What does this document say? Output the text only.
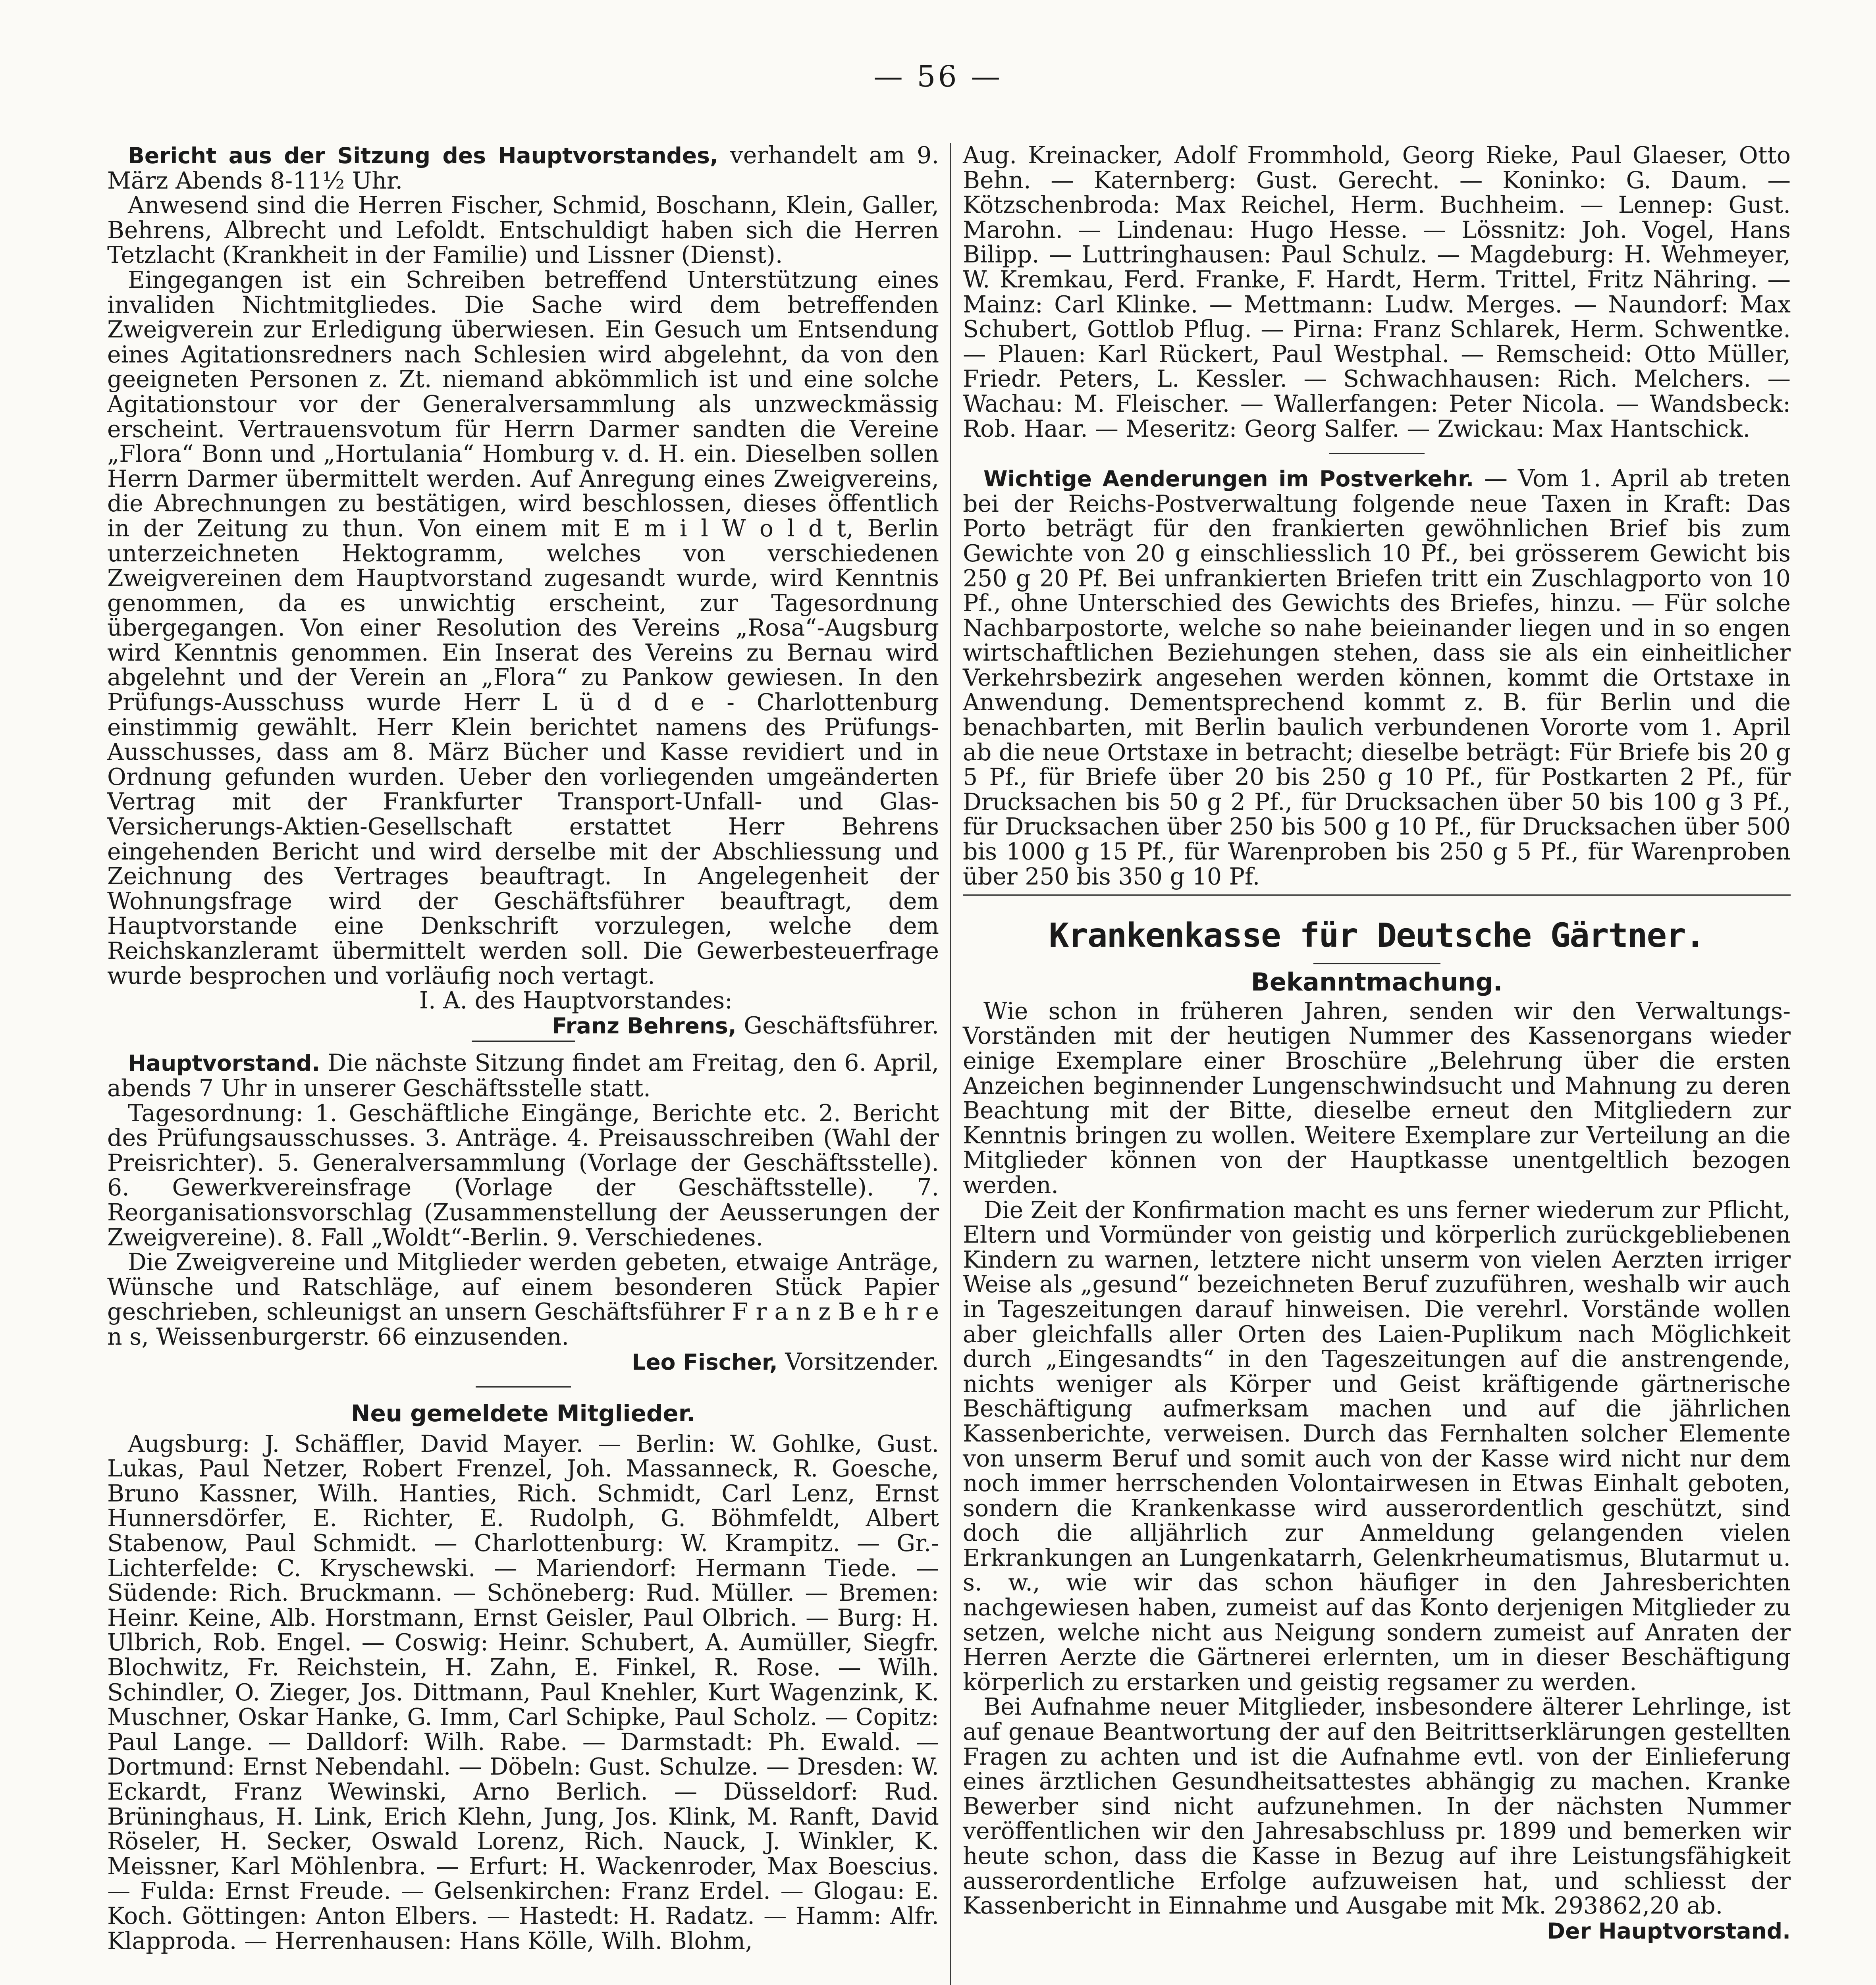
— 56 —

Bericht aus der Sitzung des Hauptvorstandes, verhandelt am 9. März Abends 8-11½ Uhr.

Anwesend sind die Herren Fischer, Schmid, Boschann, Klein, Galler, Behrens, Albrecht und Lefoldt. Entschuldigt haben sich die Herren Tetzlacht (Krankheit in der Familie) und Lissner (Dienst).

Eingegangen ist ein Schreiben betreffend Unterstützung eines invaliden Nichtmitgliedes. Die Sache wird dem betreffenden Zweigverein zur Erledigung überwiesen. Ein Gesuch um Entsendung eines Agitationsredners nach Schlesien wird abgelehnt, da von den geeigneten Personen z. Zt. niemand abkömmlich ist und eine solche Agitationstour vor der Generalversammlung als unzweckmässig erscheint. Vertrauensvotum für Herrn Darmer sandten die Vereine „Flora“ Bonn und „Hortulania“ Homburg v. d. H. ein. Dieselben sollen Herrn Darmer übermittelt werden. Auf Anregung eines Zweigvereins, die Abrechnungen zu bestätigen, wird beschlossen, dieses öffentlich in der Zeitung zu thun. Von einem mit E m i l W o l d t, Berlin unterzeichneten Hektogramm, welches von verschiedenen Zweigvereinen dem Hauptvorstand zugesandt wurde, wird Kenntnis genommen, da es unwichtig erscheint, zur Tagesordnung übergegangen. Von einer Resolution des Vereins „Rosa“-Augsburg wird Kenntnis genommen. Ein Inserat des Vereins zu Bernau wird abgelehnt und der Verein an „Flora“ zu Pankow gewiesen. In den Prüfungs-Ausschuss wurde Herr L ü d d e - Charlottenburg einstimmig gewählt. Herr Klein berichtet namens des Prüfungs-Ausschusses, dass am 8. März Bücher und Kasse revidiert und in Ordnung gefunden wurden. Ueber den vorliegenden umgeänderten Vertrag mit der Frankfurter Transport-Unfall- und Glas-Versicherungs-Aktien-Gesellschaft erstattet Herr Behrens eingehenden Bericht und wird derselbe mit der Abschliessung und Zeichnung des Vertrages beauftragt. In Angelegenheit der Wohnungsfrage wird der Geschäftsführer beauftragt, dem Hauptvorstande eine Denkschrift vorzulegen, welche dem Reichskanzleramt übermittelt werden soll. Die Gewerbesteuerfrage wurde besprochen und vorläufig noch vertagt.

I. A. des Hauptvorstandes:

Franz Behrens, Geschäftsführer.

Hauptvorstand. Die nächste Sitzung findet am Freitag, den 6. April, abends 7 Uhr in unserer Geschäftsstelle statt.

Tagesordnung: 1. Geschäftliche Eingänge, Berichte etc. 2. Bericht des Prüfungsausschusses. 3. Anträge. 4. Preisausschreiben (Wahl der Preisrichter). 5. Generalversammlung (Vorlage der Geschäftsstelle). 6. Gewerkvereinsfrage (Vorlage der Geschäftsstelle). 7. Reorganisationsvorschlag (Zusammenstellung der Aeusserungen der Zweigvereine). 8. Fall „Woldt“-Berlin. 9. Verschiedenes.

Die Zweigvereine und Mitglieder werden gebeten, etwaige Anträge, Wünsche und Ratschläge, auf einem besonderen Stück Papier geschrieben, schleunigst an unsern Geschäftsführer F r a n z B e h r e n s, Weissenburgerstr. 66 einzusenden.

Leo Fischer, Vorsitzender.

Neu gemeldete Mitglieder.

Augsburg: J. Schäffler, David Mayer. — Berlin: W. Gohlke, Gust. Lukas, Paul Netzer, Robert Frenzel, Joh. Massanneck, R. Goesche, Bruno Kassner, Wilh. Hanties, Rich. Schmidt, Carl Lenz, Ernst Hunnersdörfer, E. Richter, E. Rudolph, G. Böhmfeldt, Albert Stabenow, Paul Schmidt. — Charlottenburg: W. Krampitz. — Gr.-Lichterfelde: C. Kryschewski. — Mariendorf: Hermann Tiede. — Südende: Rich. Bruckmann. — Schöneberg: Rud. Müller. — Bremen: Heinr. Keine, Alb. Horstmann, Ernst Geisler, Paul Olbrich. — Burg: H. Ulbrich, Rob. Engel. — Coswig: Heinr. Schubert, A. Aumüller, Siegfr. Blochwitz, Fr. Reichstein, H. Zahn, E. Finkel, R. Rose. — Wilh. Schindler, O. Zieger, Jos. Dittmann, Paul Knehler, Kurt Wagenzink, K. Muschner, Oskar Hanke, G. Imm, Carl Schipke, Paul Scholz. — Copitz: Paul Lange. — Dalldorf: Wilh. Rabe. — Darmstadt: Ph. Ewald. — Dortmund: Ernst Nebendahl. — Döbeln: Gust. Schulze. — Dresden: W. Eckardt, Franz Wewinski, Arno Berlich. — Düsseldorf: Rud. Brüninghaus, H. Link, Erich Klehn, Jung, Jos. Klink, M. Ranft, David Röseler, H. Secker, Oswald Lorenz, Rich. Nauck, J. Winkler, K. Meissner, Karl Möhlenbra. — Erfurt: H. Wackenroder, Max Boescius. — Fulda: Ernst Freude. — Gelsenkirchen: Franz Erdel. — Glogau: E. Koch. Göttingen: Anton Elbers. — Hastedt: H. Radatz. — Hamm: Alfr. Klapproda. — Herrenhausen: Hans Kölle, Wilh. Blohm,

Aug. Kreinacker, Adolf Frommhold, Georg Rieke, Paul Glaeser, Otto Behn. — Katernberg: Gust. Gerecht. — Koninko: G. Daum. — Kötzschenbroda: Max Reichel, Herm. Buchheim. — Lennep: Gust. Marohn. — Lindenau: Hugo Hesse. — Lössnitz: Joh. Vogel, Hans Bilipp. — Luttringhausen: Paul Schulz. — Magdeburg: H. Wehmeyer, W. Kremkau, Ferd. Franke, F. Hardt, Herm. Trittel, Fritz Nähring. — Mainz: Carl Klinke. — Mettmann: Ludw. Merges. — Naundorf: Max Schubert, Gottlob Pflug. — Pirna: Franz Schlarek, Herm. Schwentke. — Plauen: Karl Rückert, Paul Westphal. — Remscheid: Otto Müller, Friedr. Peters, L. Kessler. — Schwachhausen: Rich. Melchers. — Wachau: M. Fleischer. — Wallerfangen: Peter Nicola. — Wandsbeck: Rob. Haar. — Meseritz: Georg Salfer. — Zwickau: Max Hantschick.

Wichtige Aenderungen im Postverkehr. — Vom 1. April ab treten bei der Reichs-Postverwaltung folgende neue Taxen in Kraft: Das Porto beträgt für den frankierten gewöhnlichen Brief bis zum Gewichte von 20 g einschliesslich 10 Pf., bei grösserem Gewicht bis 250 g 20 Pf. Bei unfrankierten Briefen tritt ein Zuschlagporto von 10 Pf., ohne Unterschied des Gewichts des Briefes, hinzu. — Für solche Nachbarpostorte, welche so nahe beieinander liegen und in so engen wirtschaftlichen Beziehungen stehen, dass sie als ein einheitlicher Verkehrsbezirk angesehen werden können, kommt die Ortstaxe in Anwendung. Dementsprechend kommt z. B. für Berlin und die benachbarten, mit Berlin baulich verbundenen Vororte vom 1. April ab die neue Ortstaxe in betracht; dieselbe beträgt: Für Briefe bis 20 g 5 Pf., für Briefe über 20 bis 250 g 10 Pf., für Postkarten 2 Pf., für Drucksachen bis 50 g 2 Pf., für Drucksachen über 50 bis 100 g 3 Pf., für Drucksachen über 250 bis 500 g 10 Pf., für Drucksachen über 500 bis 1000 g 15 Pf., für Warenproben bis 250 g 5 Pf., für Warenproben über 250 bis 350 g 10 Pf.

Krankenkasse für Deutsche Gärtner.
Bekanntmachung.

Wie schon in früheren Jahren, senden wir den Verwaltungs-Vorständen mit der heutigen Nummer des Kassenorgans wieder einige Exemplare einer Broschüre „Belehrung über die ersten Anzeichen beginnender Lungenschwindsucht und Mahnung zu deren Beachtung mit der Bitte, dieselbe erneut den Mitgliedern zur Kenntnis bringen zu wollen. Weitere Exemplare zur Verteilung an die Mitglieder können von der Hauptkasse unentgeltlich bezogen werden.

Die Zeit der Konfirmation macht es uns ferner wiederum zur Pflicht, Eltern und Vormünder von geistig und körperlich zurückgebliebenen Kindern zu warnen, letztere nicht unserm von vielen Aerzten irriger Weise als „gesund“ bezeichneten Beruf zuzuführen, weshalb wir auch in Tageszeitungen darauf hinweisen. Die verehrl. Vorstände wollen aber gleichfalls aller Orten des Laien-Puplikum nach Möglichkeit durch „Eingesandts“ in den Tageszeitungen auf die anstrengende, nichts weniger als Körper und Geist kräftigende gärtnerische Beschäftigung aufmerksam machen und auf die jährlichen Kassenberichte, verweisen. Durch das Fernhalten solcher Elemente von unserm Beruf und somit auch von der Kasse wird nicht nur dem noch immer herrschenden Volontairwesen in Etwas Einhalt geboten, sondern die Krankenkasse wird ausserordentlich geschützt, sind doch die alljährlich zur Anmeldung gelangenden vielen Erkrankungen an Lungenkatarrh, Gelenkrheumatismus, Blutarmut u. s. w., wie wir das schon häufiger in den Jahresberichten nachgewiesen haben, zumeist auf das Konto derjenigen Mitglieder zu setzen, welche nicht aus Neigung sondern zumeist auf Anraten der Herren Aerzte die Gärtnerei erlernten, um in dieser Beschäftigung körperlich zu erstarken und geistig regsamer zu werden.

Bei Aufnahme neuer Mitglieder, insbesondere älterer Lehrlinge, ist auf genaue Beantwortung der auf den Beitrittserklärungen gestellten Fragen zu achten und ist die Aufnahme evtl. von der Einlieferung eines ärztlichen Gesundheitsattestes abhängig zu machen. Kranke Bewerber sind nicht aufzunehmen. In der nächsten Nummer veröffentlichen wir den Jahresabschluss pr. 1899 und bemerken wir heute schon, dass die Kasse in Bezug auf ihre Leistungsfähigkeit ausserordentliche Erfolge aufzuweisen hat, und schliesst der Kassenbericht in Einnahme und Ausgabe mit Mk. 293862,20 ab.

Der Hauptvorstand.
